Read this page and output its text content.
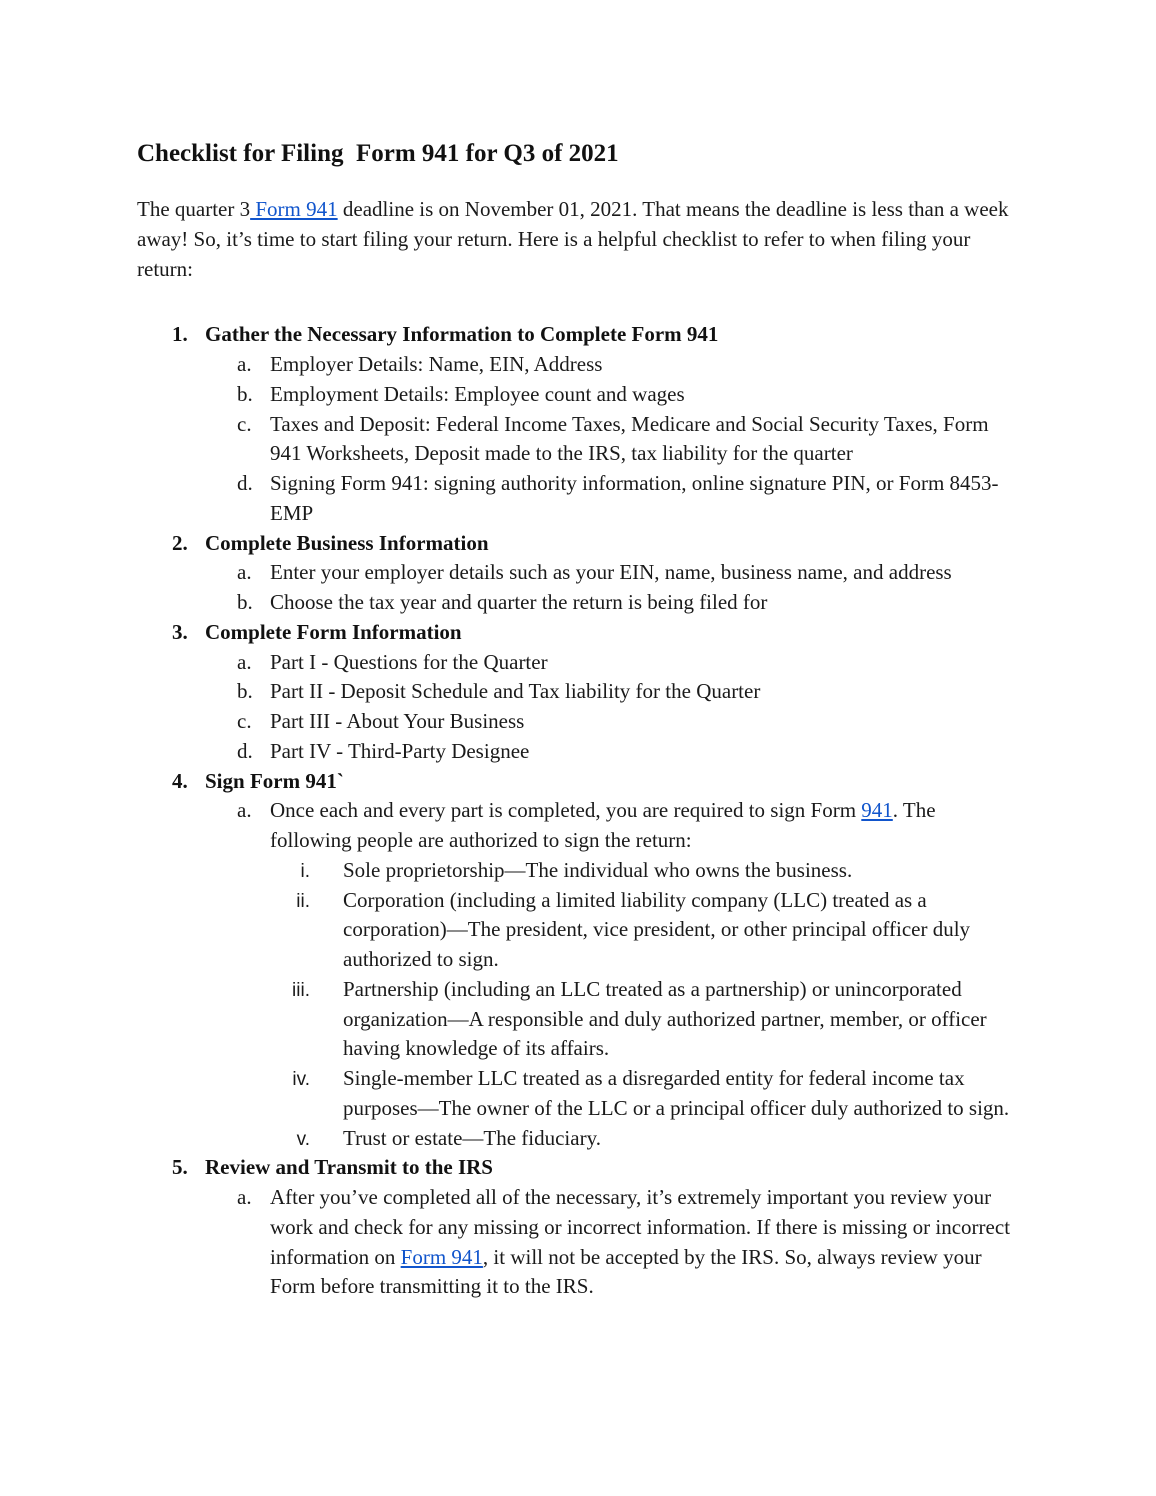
Checklist for Filing  Form 941 for Q3 of 2021

The quarter 3 Form 941 deadline is on November 01, 2021. That means the deadline is less than a week away! So, it’s time to start filing your return. Here is a helpful checklist to refer to when filing your return:

1. Gather the Necessary Information to Complete Form 941
a. Employer Details: Name, EIN, Address
b. Employment Details: Employee count and wages
c. Taxes and Deposit: Federal Income Taxes, Medicare and Social Security Taxes, Form 941 Worksheets, Deposit made to the IRS, tax liability for the quarter
d. Signing Form 941: signing authority information, online signature PIN, or Form 8453-EMP
2. Complete Business Information
a. Enter your employer details such as your EIN, name, business name, and address
b. Choose the tax year and quarter the return is being filed for
3. Complete Form Information
a. Part I - Questions for the Quarter
b. Part II - Deposit Schedule and Tax liability for the Quarter
c. Part III - About Your Business
d. Part IV - Third-Party Designee
4. Sign Form 941`
a. Once each and every part is completed, you are required to sign Form 941. The following people are authorized to sign the return:
i. Sole proprietorship—The individual who owns the business.
ii. Corporation (including a limited liability company (LLC) treated as a corporation)—The president, vice president, or other principal officer duly authorized to sign.
iii. Partnership (including an LLC treated as a partnership) or unincorporated organization—A responsible and duly authorized partner, member, or officer having knowledge of its affairs.
iv. Single-member LLC treated as a disregarded entity for federal income tax purposes—The owner of the LLC or a principal officer duly authorized to sign.
v. Trust or estate—The fiduciary.
5. Review and Transmit to the IRS
a. After you’ve completed all of the necessary, it’s extremely important you review your work and check for any missing or incorrect information. If there is missing or incorrect information on Form 941, it will not be accepted by the IRS. So, always review your Form before transmitting it to the IRS.
